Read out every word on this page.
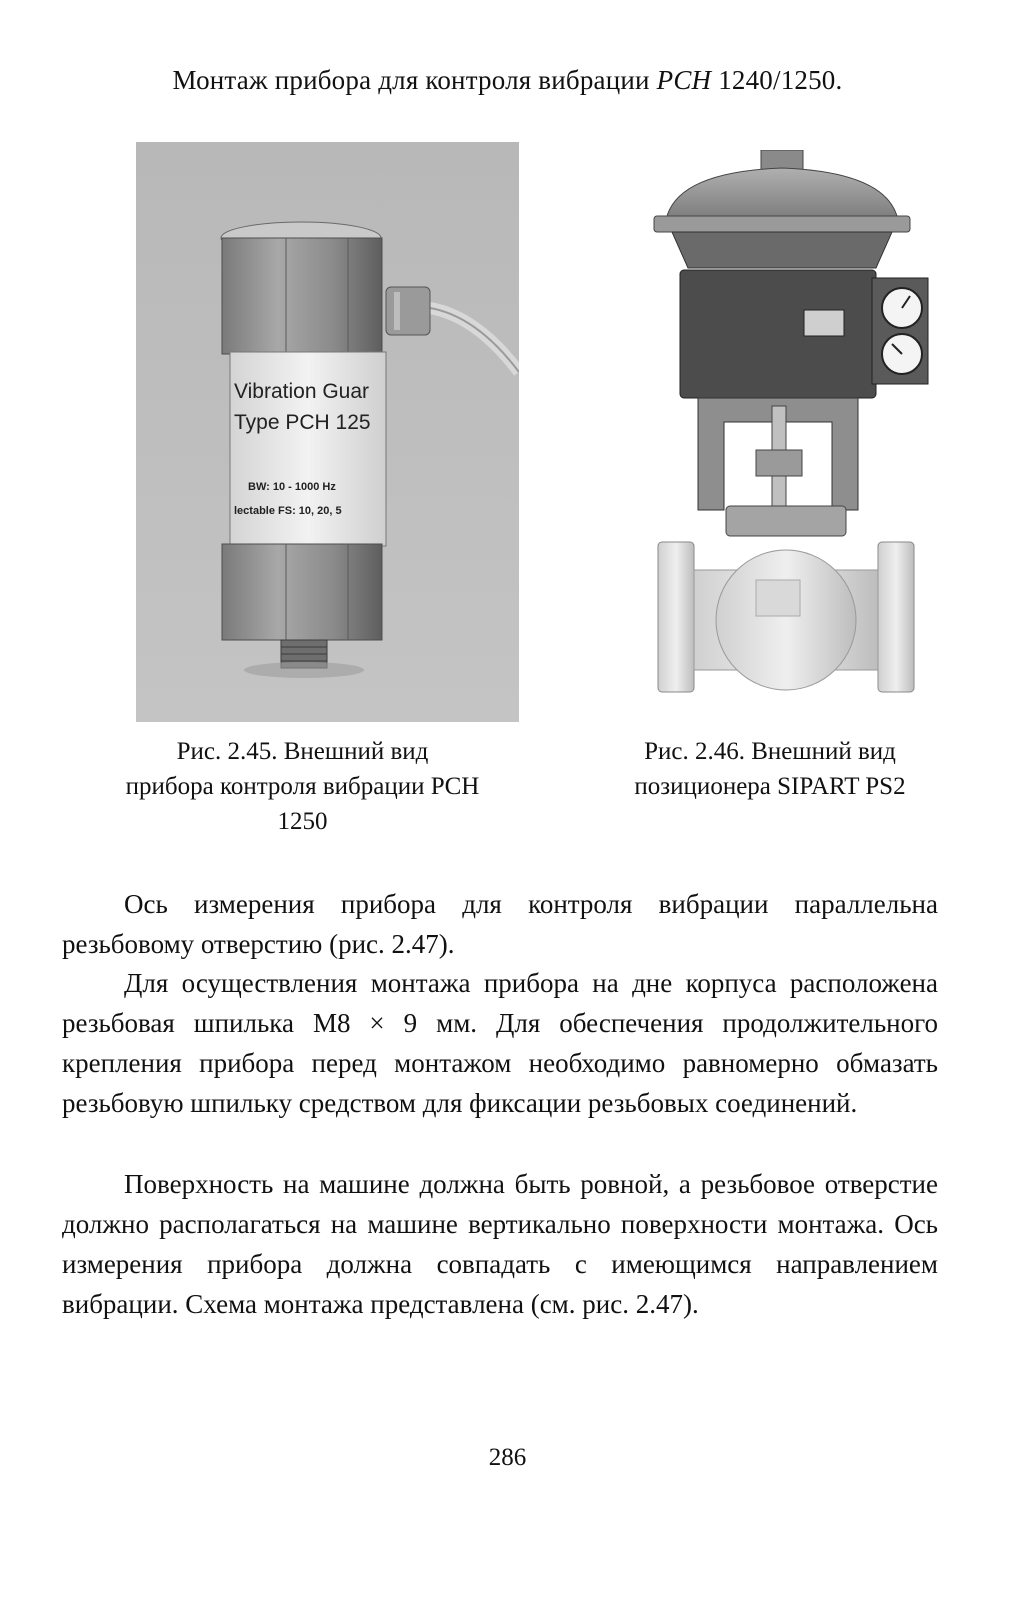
Монтаж прибора для контроля вибрации PCH 1240/1250.
Vibration Guar
Type PCH 125
BW: 10 - 1000 Hz
lectable FS: 10, 20, 5
Рис. 2.45. Внешний вид
прибора контроля вибрации PCH
1250
Рис. 2.46. Внешний вид
позиционера SIPART PS2
Ось измерения прибора для контроля вибрации параллельна резьбовому отверстию (рис. 2.47).
Для осуществления монтажа прибора на дне корпуса расположена резьбовая шпилька М8 × 9 мм. Для обеспечения продолжительного крепления прибора перед монтажом необходимо равномерно обмазать резьбовую шпильку средством для фиксации резьбовых соединений.
Поверхность на машине должна быть ровной, а резьбовое отверстие должно располагаться на машине вертикально поверхности монтажа. Ось измерения прибора должна совпадать с имеющимся направлением вибрации. Схема монтажа представлена (см. рис. 2.47).
286
